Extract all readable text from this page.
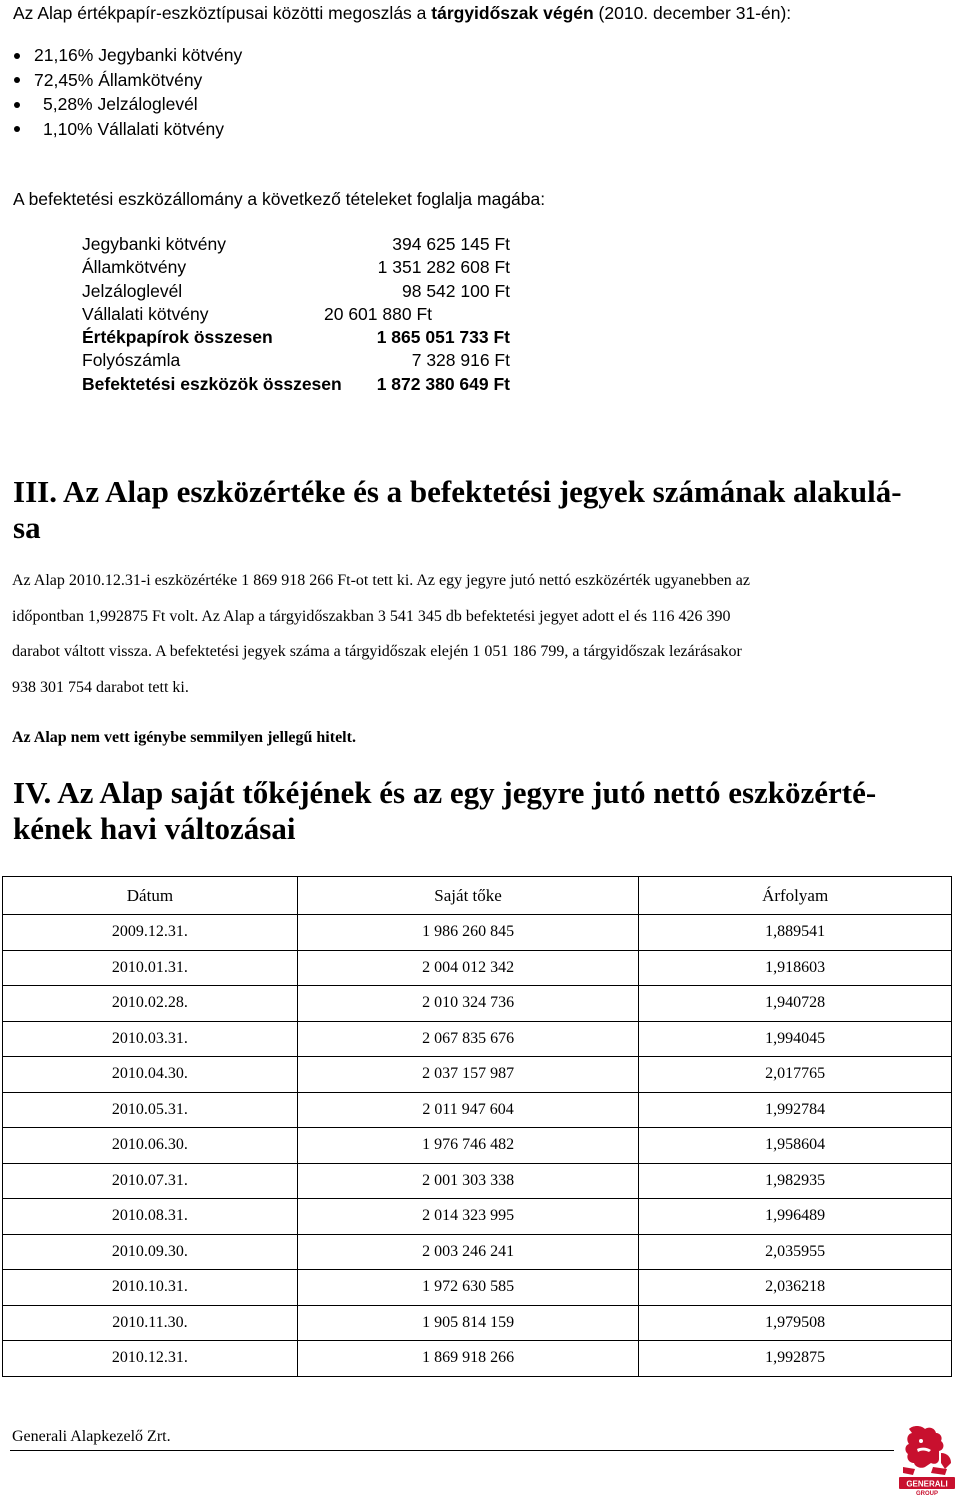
Az Alap értékpapír-eszköztípusai közötti megoszlás a tárgyidőszak végén (2010. december 31-én):
21,16% Jegybanki kötvény
72,45% Államkötvény
5,28% Jelzáloglevél
1,10% Vállalati kötvény
A befektetési eszközállomány a következő tételeket foglalja magába:
Jegybanki kötvény	394 625 145 Ft
Államkötvény	1 351 282 608 Ft
Jelzáloglevél	98 542 100 Ft
Vállalati kötvény	20 601 880 Ft
Értékpapírok összesen	1 865 051 733 Ft
Folyószámla	7 328 916 Ft
Befektetési eszközök összesen 1 872 380 649 Ft
III. Az Alap eszközértéke és a befektetési jegyek számának alakulá-
sa

Az Alap 2010.12.31-i eszközértéke 1 869 918 266 Ft-ot tett ki. Az egy jegyre jutó nettó eszközérték ugyanebben az
időpontban 1,992875 Ft volt. Az Alap a tárgyidőszakban 3 541 345 db befektetési jegyet adott el és 116 426 390
darabot váltott vissza. A befektetési jegyek száma a tárgyidőszak elején 1 051 186 799, a tárgyidőszak lezárásakor
938 301 754 darabot tett ki.

Az Alap nem vett igénybe semmilyen jellegű hitelt.
IV. Az Alap saját tőkéjének és az egy jegyre jutó nettó eszközérté-
kének havi változásai
Dátum	Saját tőke	Árfolyam
2009.12.31.	1 986 260 845	1,889541
2010.01.31.	2 004 012 342	1,918603
2010.02.28.	2 010 324 736	1,940728
2010.03.31.	2 067 835 676	1,994045
2010.04.30.	2 037 157 987	2,017765
2010.05.31.	2 011 947 604	1,992784
2010.06.30.	1 976 746 482	1,958604
2010.07.31.	2 001 303 338	1,982935
2010.08.31.	2 014 323 995	1,996489
2010.09.30.	2 003 246 241	2,035955
2010.10.31.	1 972 630 585	2,036218
2010.11.30.	1 905 814 159	1,979508
2010.12.31.	1 869 918 266	1,992875
Generali Alapkezelő Zrt.
GENERALI
GROUP
